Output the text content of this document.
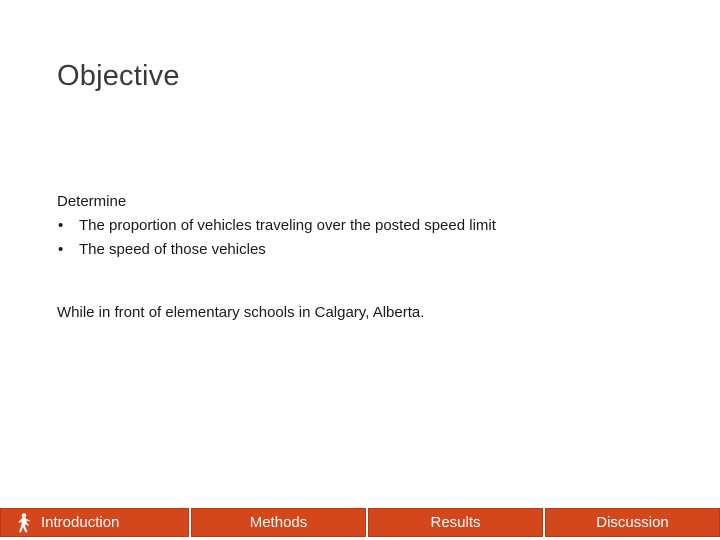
Objective
Determine
•	The proportion of vehicles traveling over the posted speed limit
•	The speed of those vehicles
While in front of elementary schools in Calgary, Alberta.
Introduction	Methods	Results	Discussion
